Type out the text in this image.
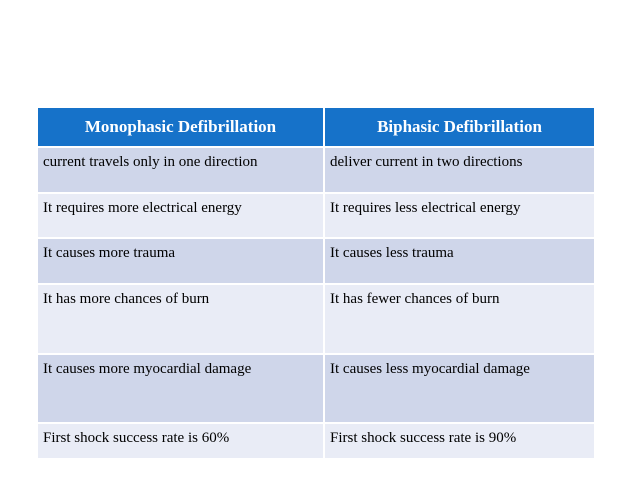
Monophasic Defibrillation	Biphasic Defibrillation
current travels only in one direction	deliver current in two directions
It requires more electrical energy	It requires less electrical energy
It causes more trauma	It causes less trauma
It has more chances of burn	It has fewer chances of burn
It causes more myocardial damage	It causes less myocardial damage
First shock success rate is 60%	First shock success rate is 90%
